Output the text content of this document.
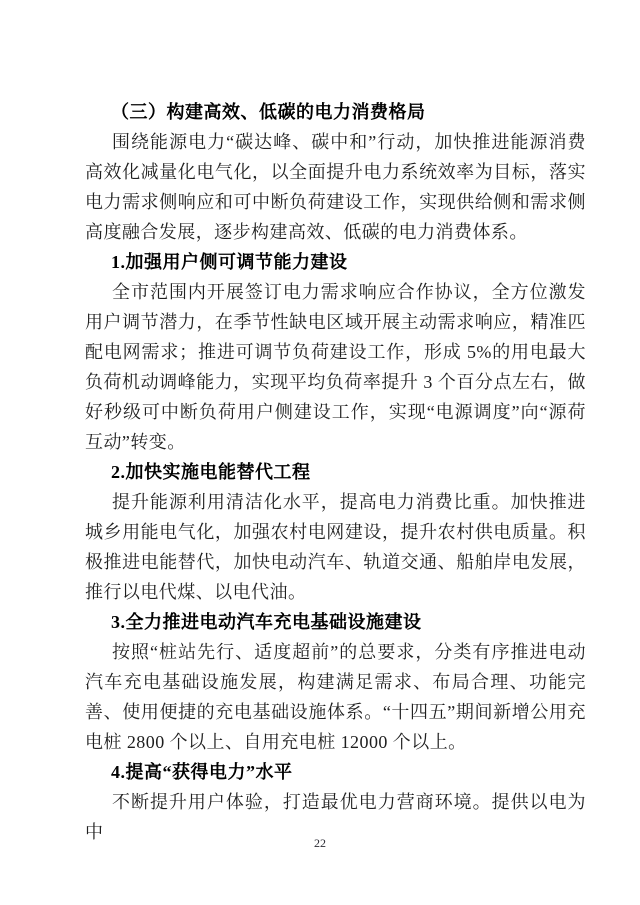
（三）构建高效、低碳的电力消费格局

围绕能源电力“碳达峰、碳中和”行动，加快推进能源消费高效化减量化电气化，以全面提升电力系统效率为目标，落实电力需求侧响应和可中断负荷建设工作，实现供给侧和需求侧高度融合发展，逐步构建高效、低碳的电力消费体系。

1.加强用户侧可调节能力建设

全市范围内开展签订电力需求响应合作协议，全方位激发用户调节潜力，在季节性缺电区域开展主动需求响应，精准匹配电网需求；推进可调节负荷建设工作，形成 5%的用电最大负荷机动调峰能力，实现平均负荷率提升 3 个百分点左右，做好秒级可中断负荷用户侧建设工作，实现“电源调度”向“源荷互动”转变。

2.加快实施电能替代工程

提升能源利用清洁化水平，提高电力消费比重。加快推进城乡用能电气化，加强农村电网建设，提升农村供电质量。积极推进电能替代，加快电动汽车、轨道交通、船舶岸电发展，推行以电代煤、以电代油。

3.全力推进电动汽车充电基础设施建设

按照“桩站先行、适度超前”的总要求，分类有序推进电动汽车充电基础设施发展，构建满足需求、布局合理、功能完善、使用便捷的充电基础设施体系。“十四五”期间新增公用充电桩 2800 个以上、自用充电桩 12000 个以上。

4.提高“获得电力”水平

不断提升用户体验，打造最优电力营商环境。提供以电为中

22
